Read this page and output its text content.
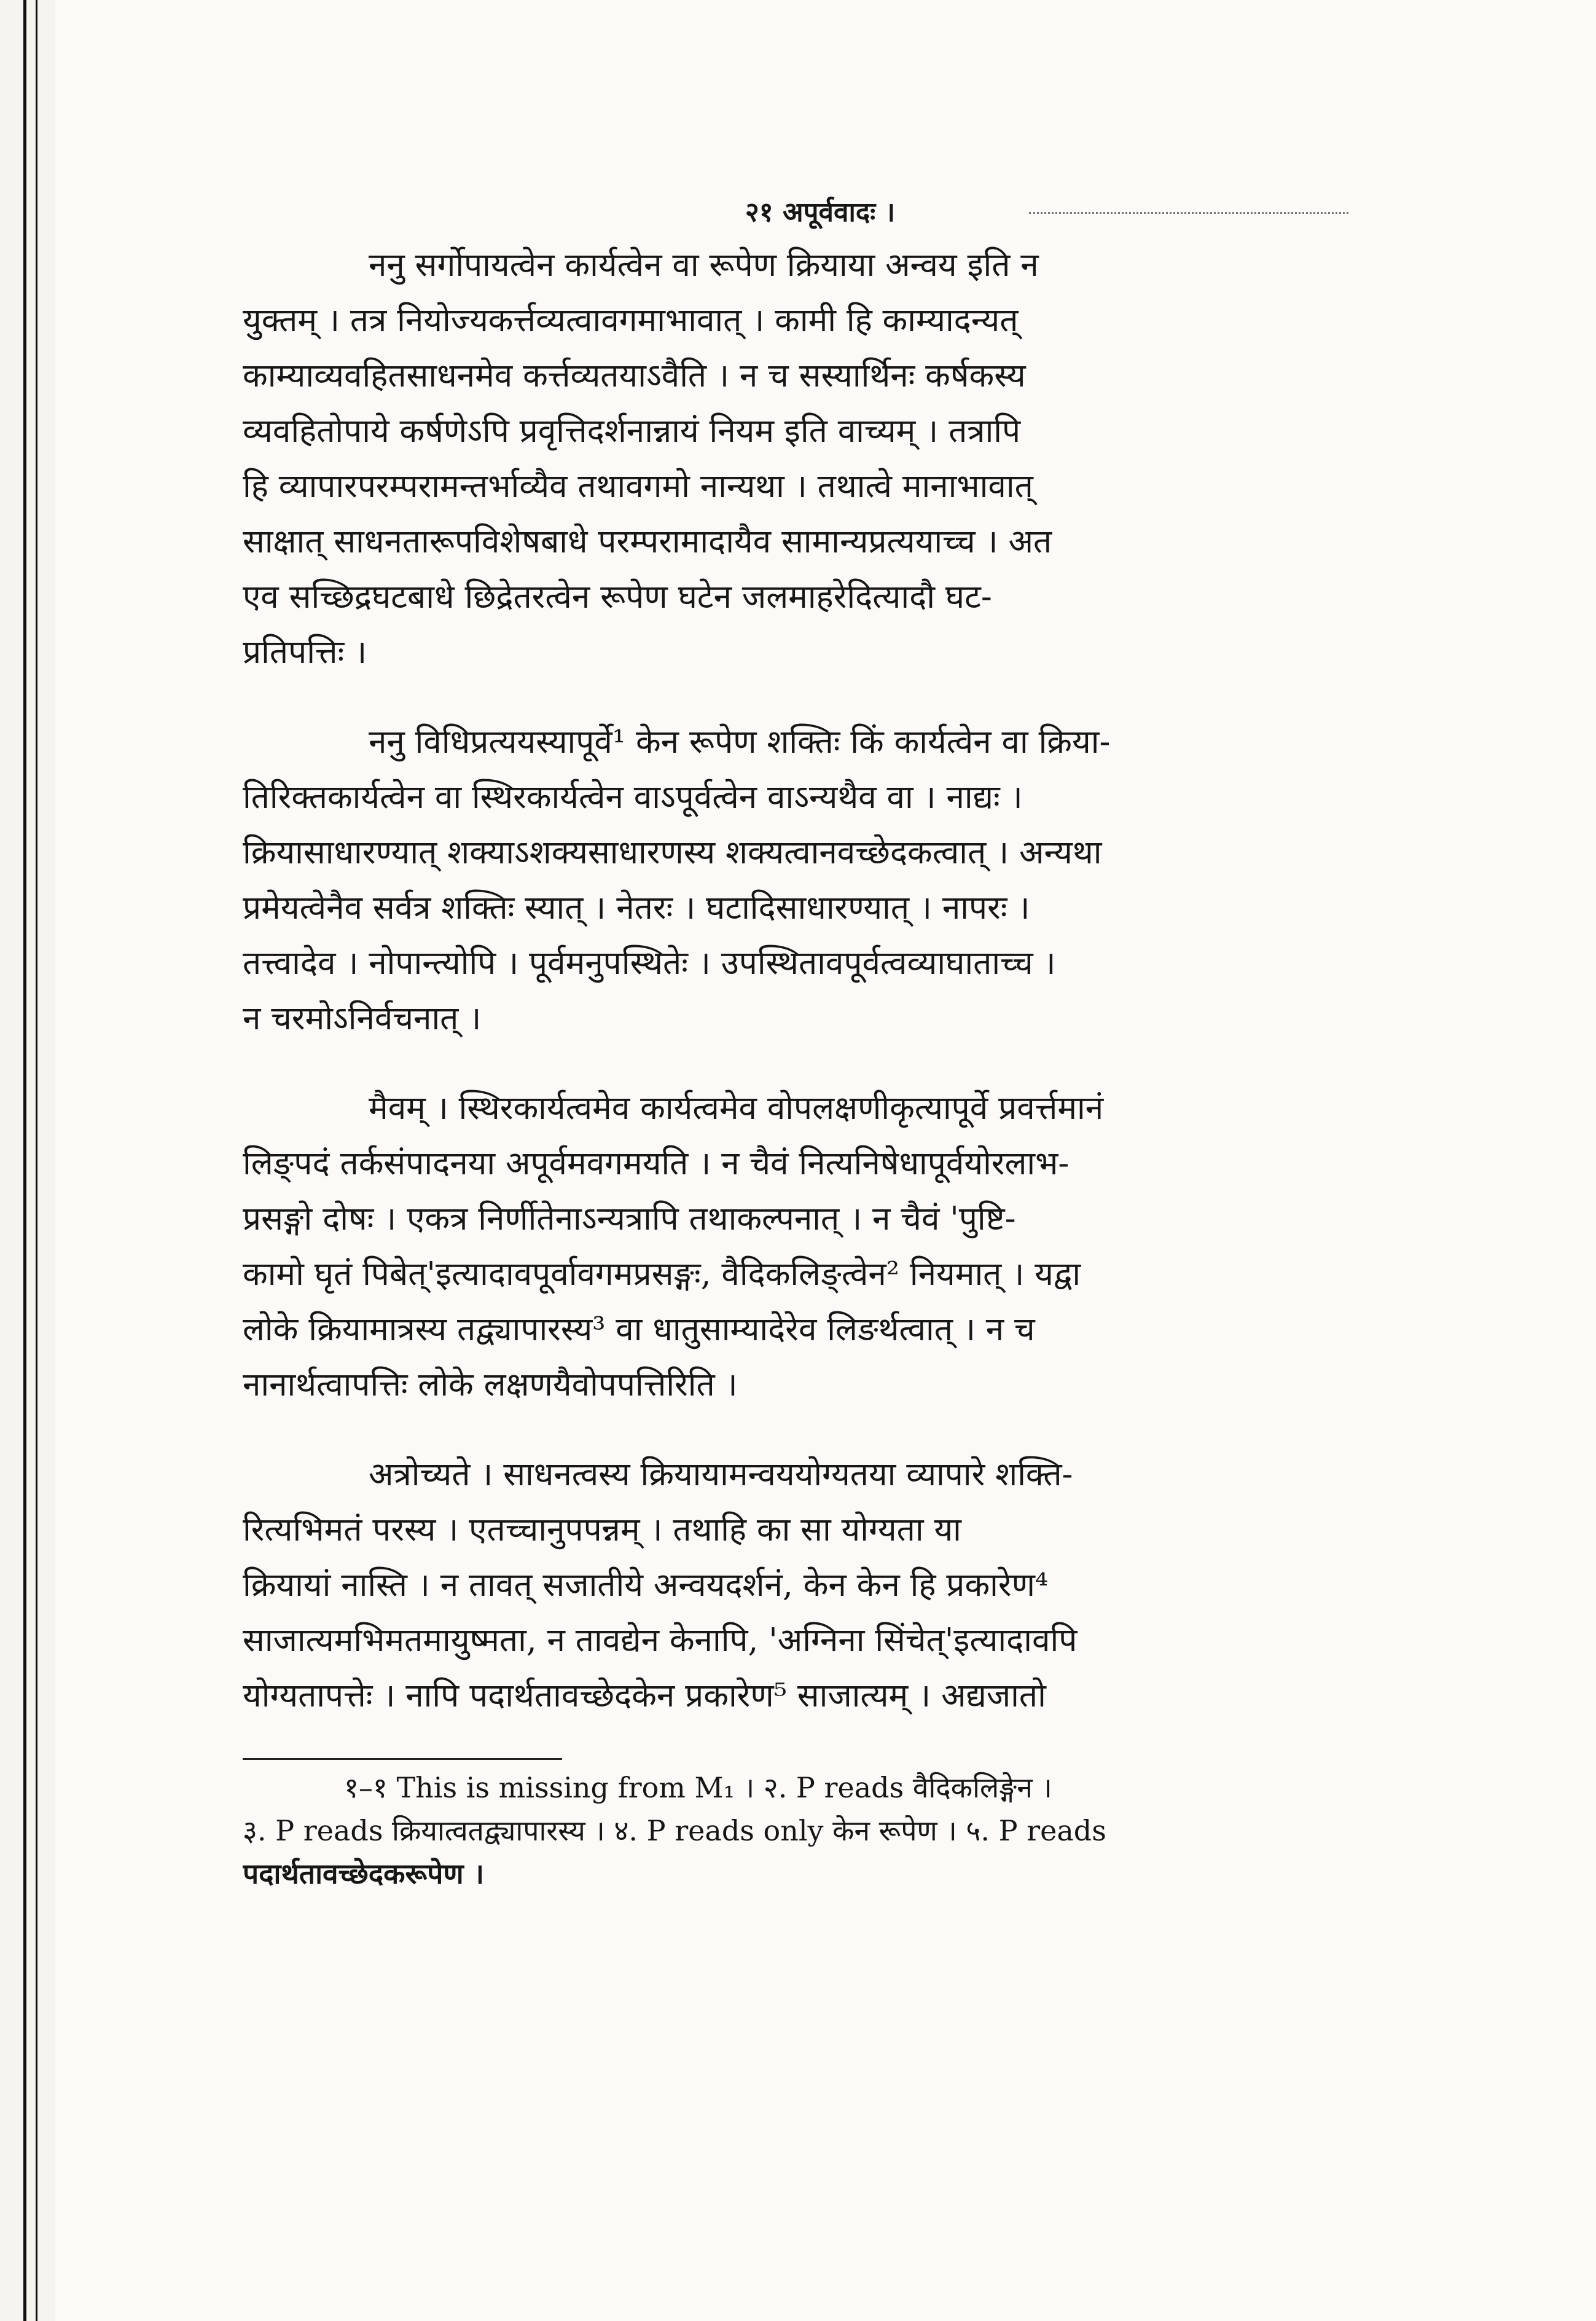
२१ अपूर्ववादः ।
ननु सर्गोपायत्वेन कार्यत्वेन वा रूपेण क्रियाया अन्वय इति न
युक्तम् । तत्र नियोज्यकर्त्तव्यत्वावगमाभावात् । कामी हि काम्यादन्यत्
काम्याव्यवहितसाधनमेव कर्त्तव्यतयाऽवैति । न च सस्यार्थिनः कर्षकस्य
व्यवहितोपाये कर्षणेऽपि प्रवृत्तिदर्शनान्नायं नियम इति वाच्यम् । तत्रापि
हि व्यापारपरम्परामन्तर्भाव्यैव तथावगमो नान्यथा । तथात्वे मानाभावात्
साक्षात् साधनतारूपविशेषबाधे परम्परामादायैव सामान्यप्रत्ययाच्च । अत
एव सच्छिद्रघटबाधे छिद्रेतरत्वेन रूपेण घटेन जलमाहरेदित्यादौ घट-
प्रतिपत्तिः ।
ननु विधिप्रत्ययस्यापूर्वे¹ केन रूपेण शक्तिः किं कार्यत्वेन वा क्रिया-
तिरिक्तकार्यत्वेन वा स्थिरकार्यत्वेन वाऽपूर्वत्वेन वाऽन्यथैव वा । नाद्यः ।
क्रियासाधारण्यात् शक्याऽशक्यसाधारणस्य शक्यत्वानवच्छेदकत्वात् । अन्यथा
प्रमेयत्वेनैव सर्वत्र शक्तिः स्यात् । नेतरः । घटादिसाधारण्यात् । नापरः ।
तत्त्वादेव । नोपान्त्योपि । पूर्वमनुपस्थितेः । उपस्थितावपूर्वत्वव्याघाताच्च ।
न चरमोऽनिर्वचनात् ।
मैवम् । स्थिरकार्यत्वमेव कार्यत्वमेव वोपलक्षणीकृत्यापूर्वे प्रवर्त्तमानं
लिङ्पदं तर्कसंपादनया अपूर्वमवगमयति । न चैवं नित्यनिषेधापूर्वयोरलाभ-
प्रसङ्गो दोषः । एकत्र निर्णीतेनाऽन्यत्रापि तथाकल्पनात् । न चैवं 'पुष्टि-
कामो घृतं पिबेत्'इत्यादावपूर्वावगमप्रसङ्गः, वैदिकलिङ्त्वेन² नियमात् । यद्वा
लोके क्रियामात्रस्य तद्व्यापारस्य³ वा धातुसाम्यादेरेव लिङर्थत्वात् । न च
नानार्थत्वापत्तिः लोके लक्षणयैवोपपत्तिरिति ।
अत्रोच्यते । साधनत्वस्य क्रियायामन्वययोग्यतया व्यापारे शक्ति-
रित्यभिमतं परस्य । एतच्चानुपपन्नम् । तथाहि का सा योग्यता या
क्रियायां नास्ति । न तावत् सजातीये अन्वयदर्शनं, केन केन हि प्रकारेण⁴
साजात्यमभिमतमायुष्मता, न तावद्येन केनापि, 'अग्निना सिंचेत्'इत्यादावपि
योग्यतापत्तेः । नापि पदार्थतावच्छेदकेन प्रकारेण⁵ साजात्यम् । अद्यजातो
१–१ This is missing from M₁ । २. P reads वैदिकलिङ्गेन ।
३. P reads क्रियात्वतद्व्यापारस्य । ४. P reads only केन रूपेण । ५. P reads
पदार्थतावच्छेदकरूपेण ।
